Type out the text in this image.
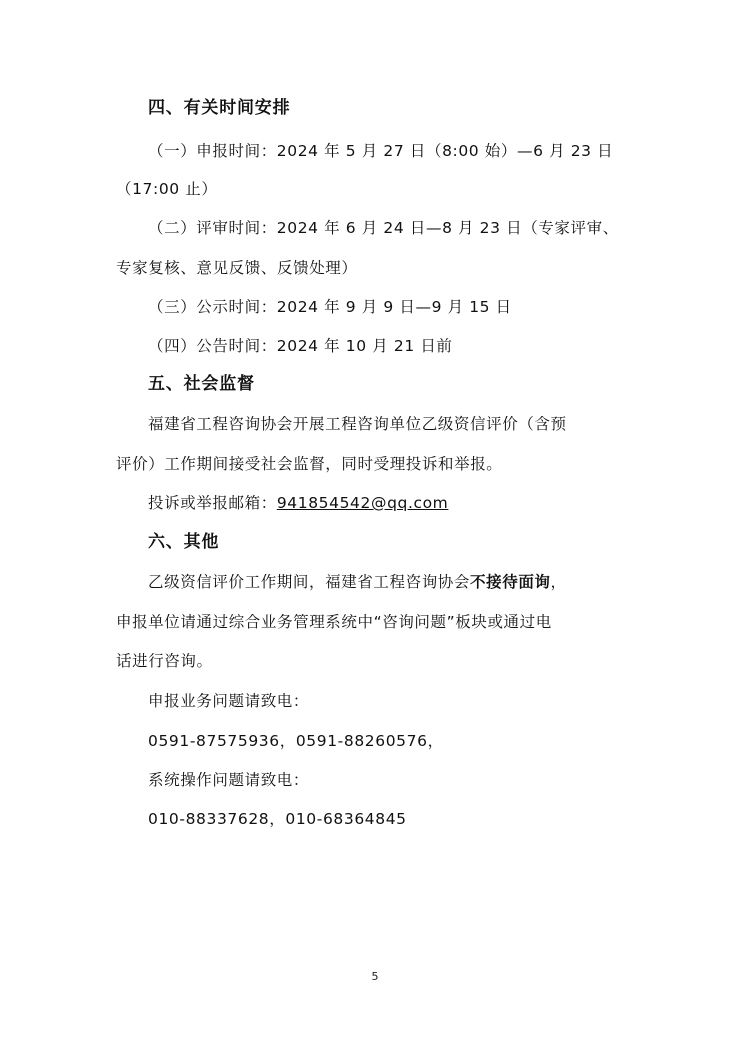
四、有关时间安排
（一）申报时间：2024 年 5 月 27 日（8:00 始）—6 月 23 日
（17:00 止）
（二）评审时间：2024 年 6 月 24 日—8 月 23 日（专家评审、
专家复核、意见反馈、反馈处理）
（三）公示时间：2024 年 9 月 9 日—9 月 15 日
（四）公告时间：2024 年 10 月 21 日前
五、社会监督
福建省工程咨询协会开展工程咨询单位乙级资信评价（含预
评价）工作期间接受社会监督，同时受理投诉和举报。
投诉或举报邮箱：941854542@qq.com
六、其他
乙级资信评价工作期间，福建省工程咨询协会不接待面询，
申报单位请通过综合业务管理系统中“咨询问题”板块或通过电
话进行咨询。
申报业务问题请致电：
0591-87575936，0591-88260576，
系统操作问题请致电：
010-88337628，010-68364845
5
